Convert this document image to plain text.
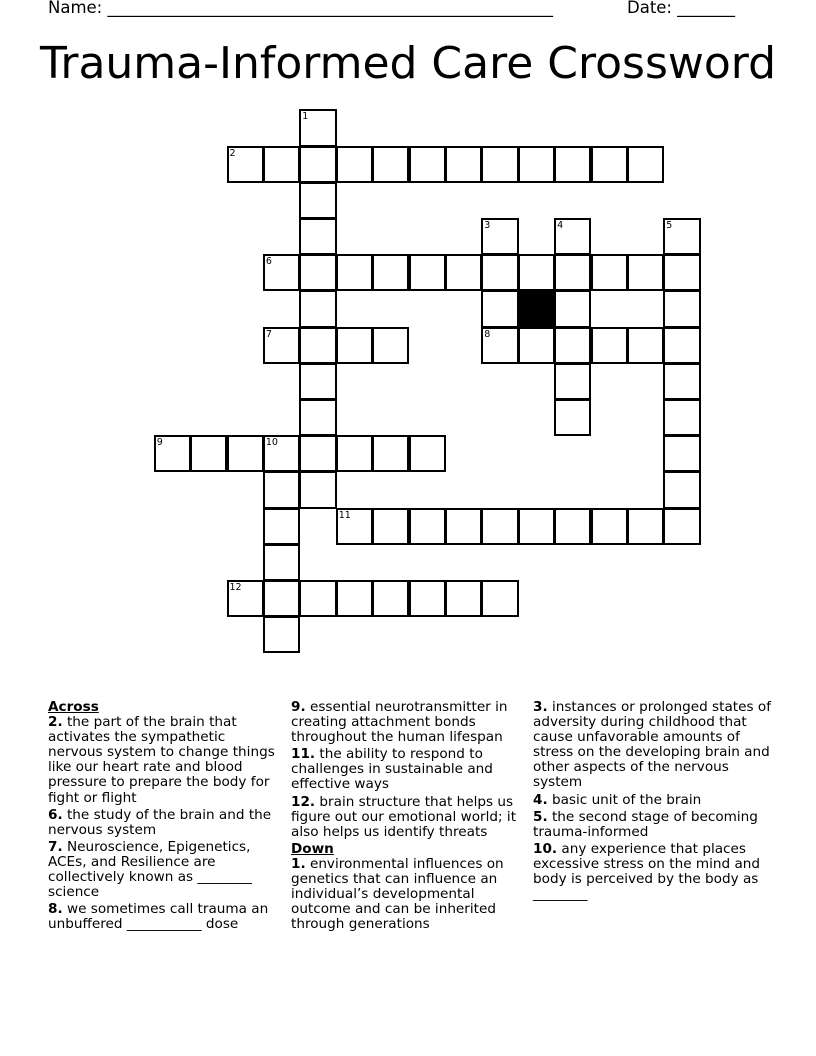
Name: ______________________________________________________	Date: _______
Trauma-Informed Care Crossword
1
2
3	4	5
6
7	8
9	10
11
12
Across
2. the part of the brain that activates the sympathetic nervous system to change things like our heart rate and blood pressure to prepare the body for fight or flight
6. the study of the brain and the nervous system
7. Neuroscience, Epigenetics, ACEs, and Resilience are collectively known as ________ science
8. we sometimes call trauma an unbuffered ___________ dose
9. essential neurotransmitter in creating attachment bonds throughout the human lifespan
11. the ability to respond to challenges in sustainable and effective ways
12. brain structure that helps us figure out our emotional world; it also helps us identify threats
Down
1. environmental influences on genetics that can influence an individual’s developmental outcome and can be inherited through generations
3. instances or prolonged states of adversity during childhood that cause unfavorable amounts of stress on the developing brain and other aspects of the nervous system
4. basic unit of the brain
5. the second stage of becoming trauma-informed
10. any experience that places excessive stress on the mind and body is perceived by the body as ________
